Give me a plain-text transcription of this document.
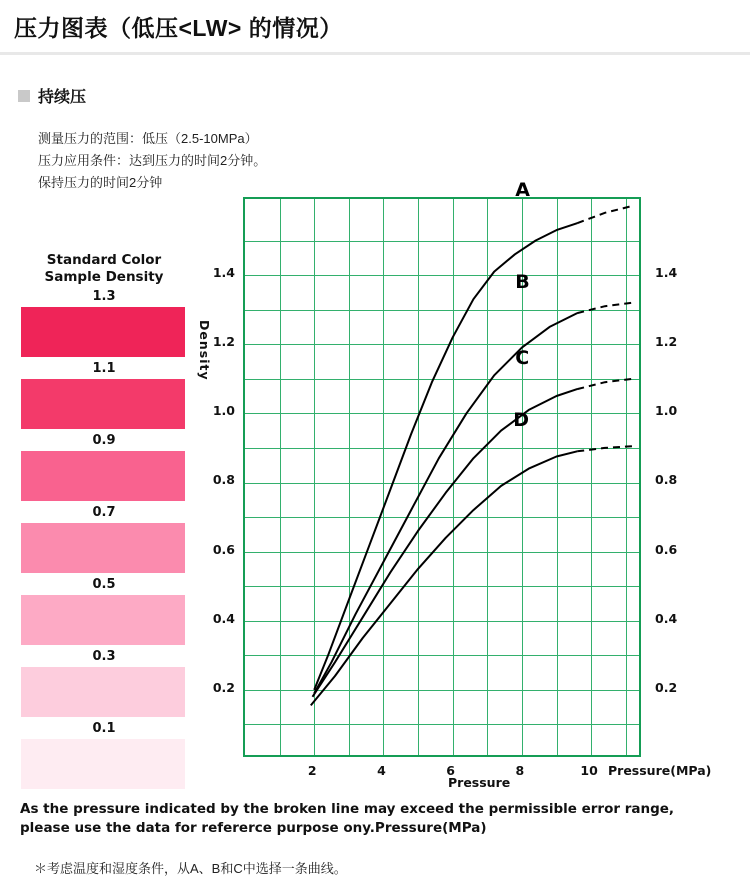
压力图表（低压<LW> 的情况）
持续压
测量压力的范围：低压（2.5-10MPa）
压力应用条件：达到压力的时间2分钟。
保持压力的时间2分钟
Standard Color
Sample Density
1.3
1.1
0.9
0.7
0.5
0.3
0.1
A
B
C
D
0.2
0.4
0.6
0.8
1.0
1.2
1.4
0.2
0.4
0.6
0.8
1.0
1.2
1.4
2	4	6	8	10
Density
Pressure
Pressure(MPa)
As the pressure indicated by the broken line may exceed the permissible error range,
please use the data for refererce purpose ony.Pressure(MPa)
＊考虑温度和湿度条件，从A、B和C中选择一条曲线。
